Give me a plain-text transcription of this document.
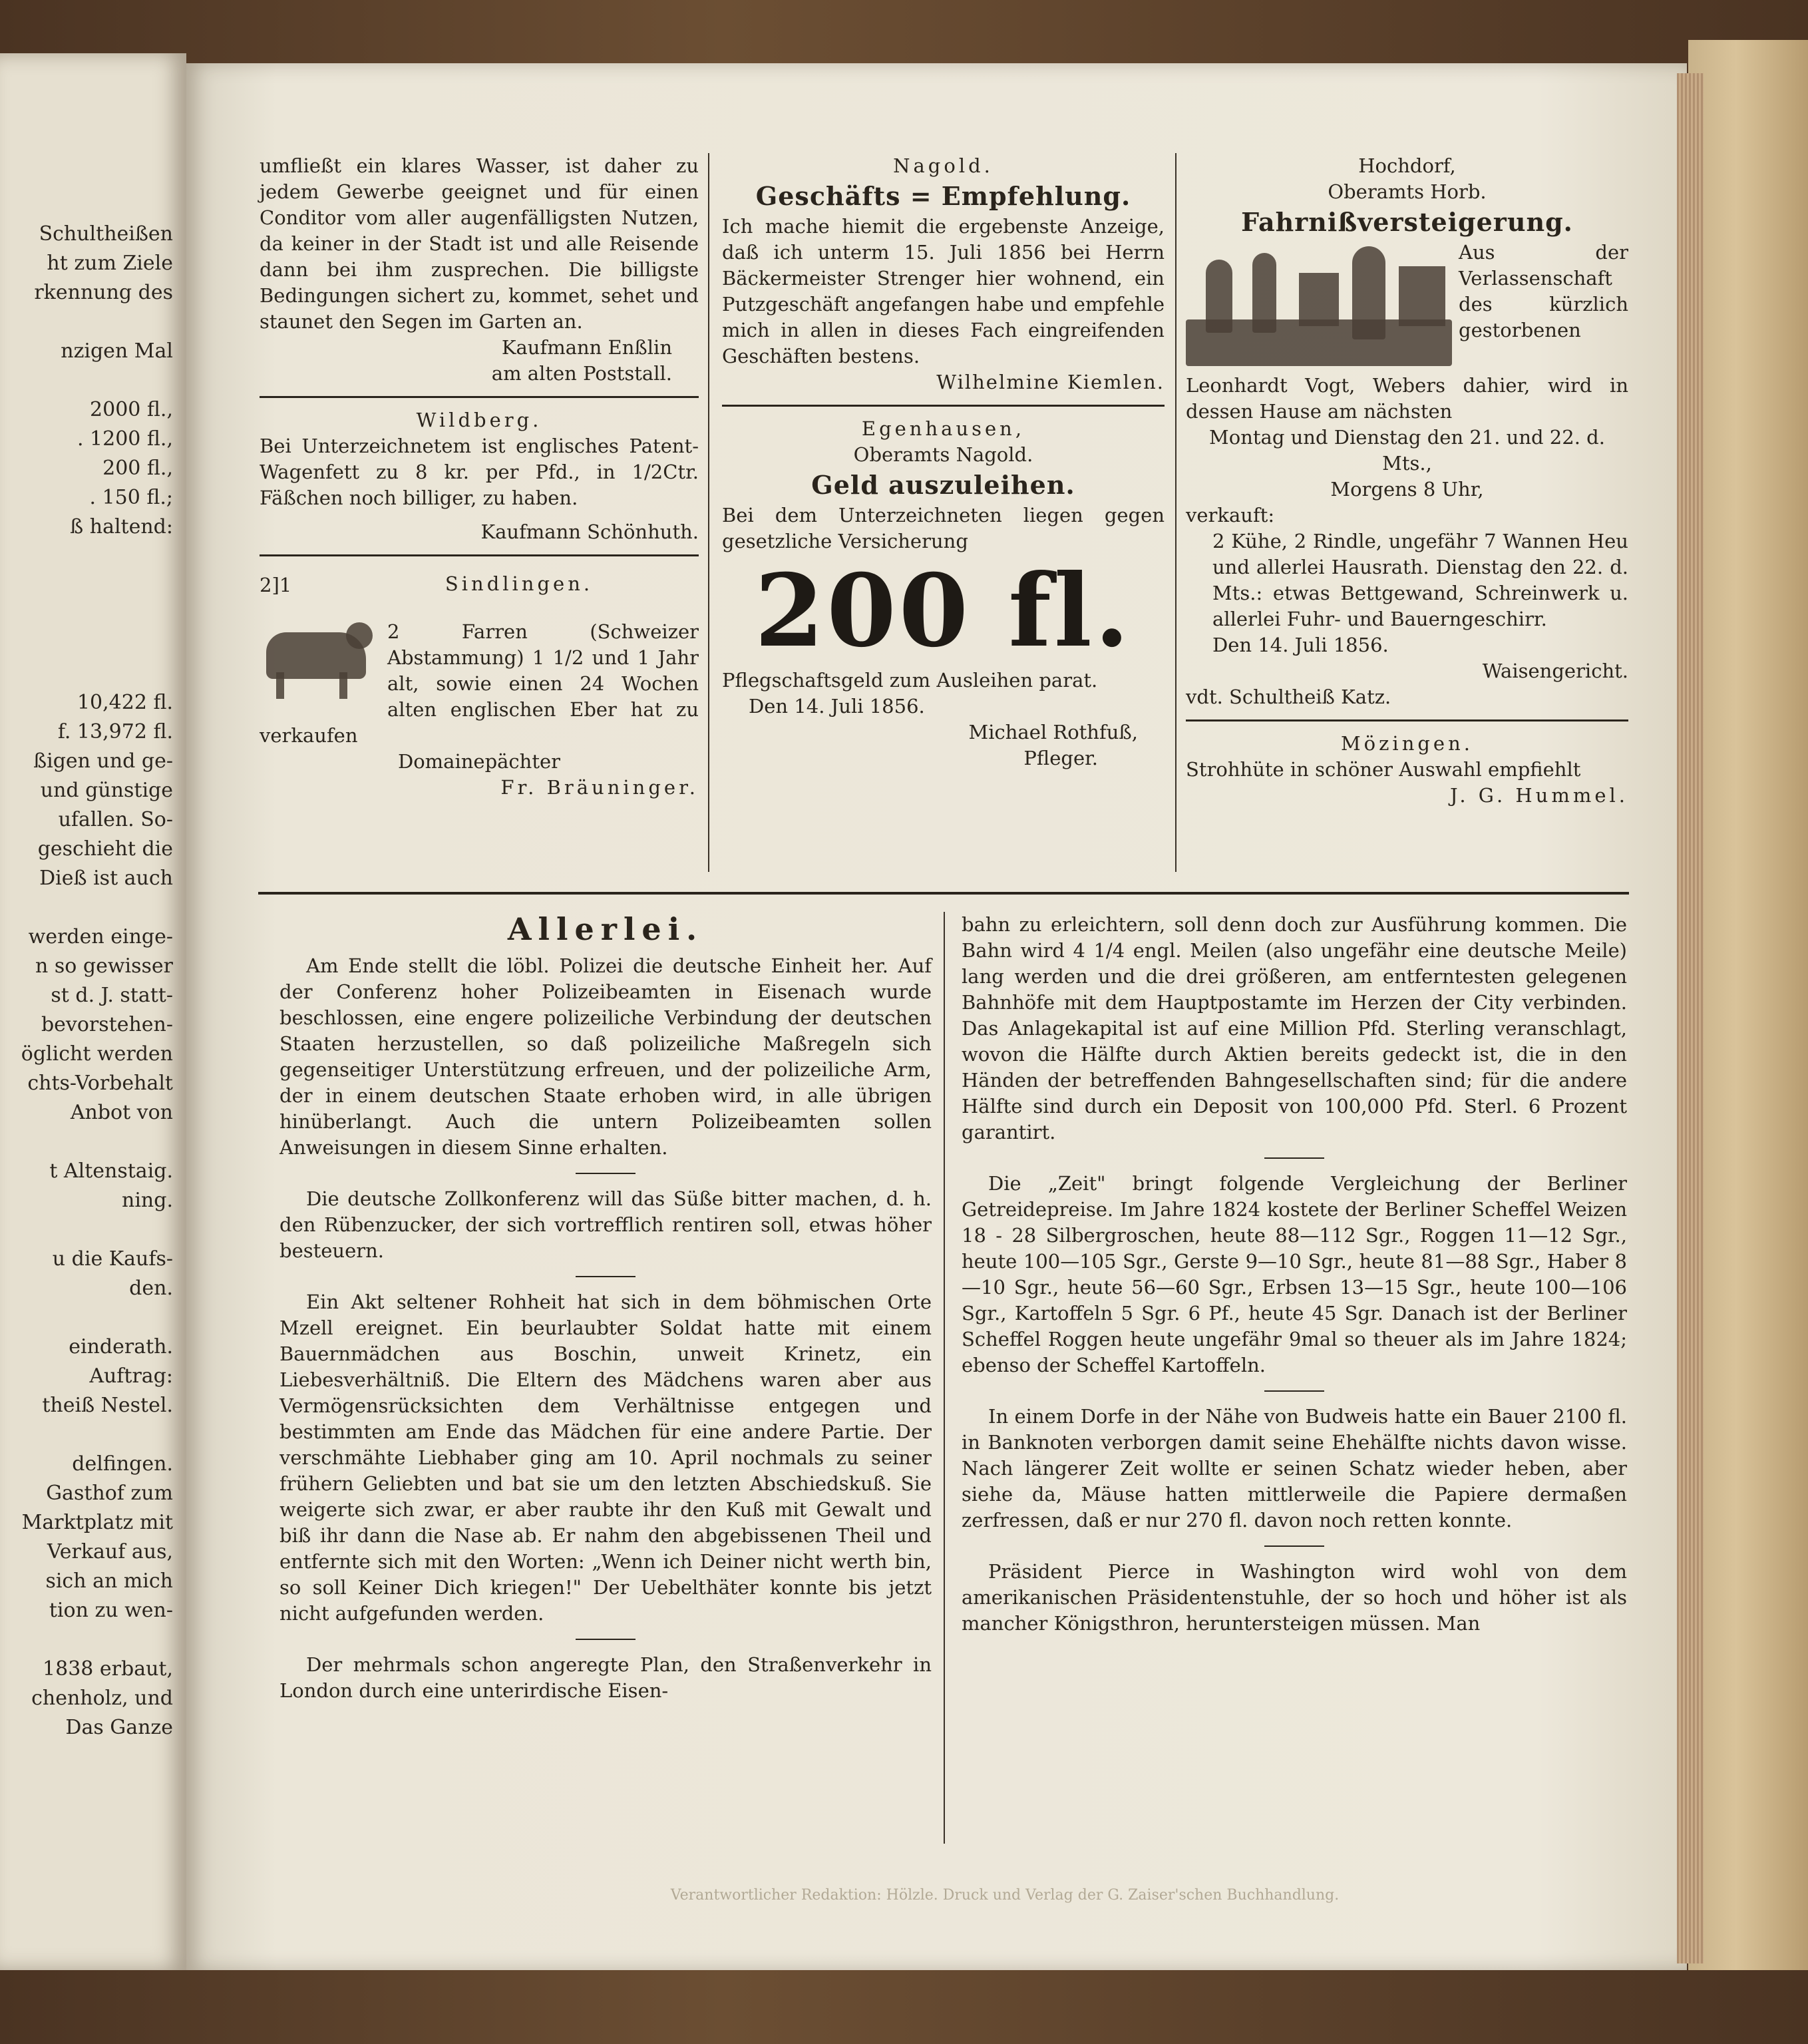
Schultheißen
ht zum Ziele
rkennung des
nzigen Mal
2000 fl.,
. 1200 fl.,
200 fl.,
. 150 fl.;
ß haltend:
10,422 fl.
f. 13,972 fl.
ßigen und ge-
und günstige
ufallen. So-
geschieht die
Dieß ist auch
werden einge-
n so gewisser
st d. J. statt-
bevorstehen-
öglicht werden
chts-Vorbehalt
Anbot von
t Altenstaig.
ning.
u die Kaufs-
den.
einderath.
Auftrag:
theiß Nestel.
delfingen.
Gasthof zum
Marktplatz mit
Verkauf aus,
sich an mich
tion zu wen-
1838 erbaut,
chenholz, und
Das Ganze

umfließt ein klares Wasser, ist daher zu jedem Gewerbe geeignet und für einen Conditor vom aller augenfälligsten Nutzen, da keiner in der Stadt ist und alle Reisende dann bei ihm zusprechen. Die billigste Bedingungen sichert zu, kommet, sehet und staunet den Segen im Garten an.

Kaufmann Enßlin
am alten Poststall.
Wildberg.

Bei Unterzeichnetem ist englisches Patent-Wagenfett zu 8 kr. per Pfd., in 1/2Ctr. Fäßchen noch billiger, zu haben.

Kaufmann Schönhuth.
2]1	Sindlingen.

2 Farren (Schweizer Abstammung) 1 1/2 und 1 Jahr alt, sowie einen 24 Wochen alten englischen Eber hat zu verkaufen

Domainepächter
Fr. Bräuninger.
Nagold.
Geschäfts = Empfehlung.

Ich mache hiemit die ergebenste Anzeige, daß ich unterm 15. Juli 1856 bei Herrn Bäckermeister Strenger hier wohnend, ein Putzgeschäft angefangen habe und empfehle mich in allen in dieses Fach eingreifenden Geschäften bestens.

Wilhelmine Kiemlen.
Egenhausen,
Oberamts Nagold.
Geld auszuleihen.

Bei dem Unterzeichneten liegen gegen gesetzliche Versicherung

200 fl.

Pflegschaftsgeld zum Ausleihen parat.

Den 14. Juli 1856.
Michael Rothfuß,
Pfleger.
Hochdorf,
Oberamts Horb.
Fahrnißversteigerung.

Aus der Verlassenschaft des kürzlich gestorbenen

Leonhardt Vogt, Webers dahier, wird in dessen Hause am nächsten

Montag und Dienstag den 21. und 22. d. Mts.,
Morgens 8 Uhr,
verkauft:

2 Kühe, 2 Rindle, ungefähr 7 Wannen Heu und allerlei Hausrath. Dienstag den 22. d. Mts.: etwas Bettgewand, Schreinwerk u. allerlei Fuhr- und Bauerngeschirr.

Den 14. Juli 1856.
Waisengericht.
vdt. Schultheiß Katz.
Mözingen.

Strohhüte in schöner Auswahl empfiehlt

J. G. Hummel.
Allerlei.

Am Ende stellt die löbl. Polizei die deutsche Einheit her. Auf der Conferenz hoher Polizeibeamten in Eisenach wurde beschlossen, eine engere polizeiliche Verbindung der deutschen Staaten herzustellen, so daß polizeiliche Maßregeln sich gegenseitiger Unterstützung erfreuen, und der polizeiliche Arm, der in einem deutschen Staate erhoben wird, in alle übrigen hinüberlangt. Auch die untern Polizeibeamten sollen Anweisungen in diesem Sinne erhalten.

Die deutsche Zollkonferenz will das Süße bitter machen, d. h. den Rübenzucker, der sich vortrefflich rentiren soll, etwas höher besteuern.

Ein Akt seltener Rohheit hat sich in dem böhmischen Orte Mzell ereignet. Ein beurlaubter Soldat hatte mit einem Bauernmädchen aus Boschin, unweit Krinetz, ein Liebesverhältniß. Die Eltern des Mädchens waren aber aus Vermögensrücksichten dem Verhältnisse entgegen und bestimmten am Ende das Mädchen für eine andere Partie. Der verschmähte Liebhaber ging am 10. April nochmals zu seiner frühern Geliebten und bat sie um den letzten Abschiedskuß. Sie weigerte sich zwar, er aber raubte ihr den Kuß mit Gewalt und biß ihr dann die Nase ab. Er nahm den abgebissenen Theil und entfernte sich mit den Worten: „Wenn ich Deiner nicht werth bin, so soll Keiner Dich kriegen!" Der Uebelthäter konnte bis jetzt nicht aufgefunden werden.

Der mehrmals schon angeregte Plan, den Straßenverkehr in London durch eine unterirdische Eisen-

bahn zu erleichtern, soll denn doch zur Ausführung kommen. Die Bahn wird 4 1/4 engl. Meilen (also ungefähr eine deutsche Meile) lang werden und die drei größeren, am entferntesten gelegenen Bahnhöfe mit dem Hauptpostamte im Herzen der City verbinden. Das Anlagekapital ist auf eine Million Pfd. Sterling veranschlagt, wovon die Hälfte durch Aktien bereits gedeckt ist, die in den Händen der betreffenden Bahngesellschaften sind; für die andere Hälfte sind durch ein Deposit von 100,000 Pfd. Sterl. 6 Prozent garantirt.

Die „Zeit" bringt folgende Vergleichung der Berliner Getreidepreise. Im Jahre 1824 kostete der Berliner Scheffel Weizen 18 - 28 Silbergroschen, heute 88—112 Sgr., Roggen 11—12 Sgr., heute 100—105 Sgr., Gerste 9—10 Sgr., heute 81—88 Sgr., Haber 8—10 Sgr., heute 56—60 Sgr., Erbsen 13—15 Sgr., heute 100—106 Sgr., Kartoffeln 5 Sgr. 6 Pf., heute 45 Sgr. Danach ist der Berliner Scheffel Roggen heute ungefähr 9mal so theuer als im Jahre 1824; ebenso der Scheffel Kartoffeln.

In einem Dorfe in der Nähe von Budweis hatte ein Bauer 2100 fl. in Banknoten verborgen damit seine Ehehälfte nichts davon wisse. Nach längerer Zeit wollte er seinen Schatz wieder heben, aber siehe da, Mäuse hatten mittlerweile die Papiere dermaßen zerfressen, daß er nur 270 fl. davon noch retten konnte.

Präsident Pierce in Washington wird wohl von dem amerikanischen Präsidentenstuhle, der so hoch und höher ist als mancher Königsthron, heruntersteigen müssen. Man

Verantwortlicher Redaktion: Hölzle. Druck und Verlag der G. Zaiser'schen Buchhandlung.
